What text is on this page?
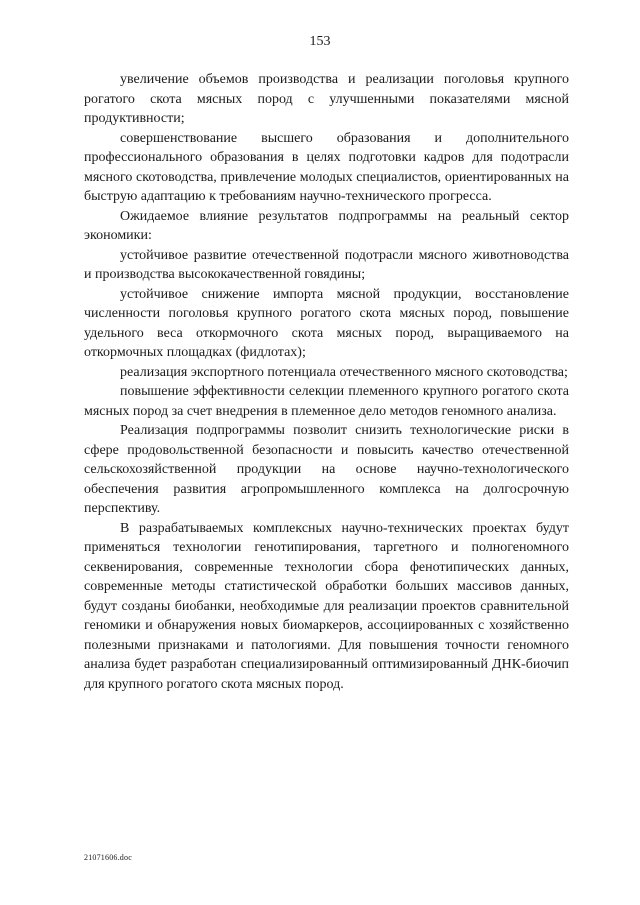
153

увеличение объемов производства и реализации поголовья крупного рогатого скота мясных пород с улучшенными показателями мясной продуктивности;

совершенствование высшего образования и дополнительного профессионального образования в целях подготовки кадров для подотрасли мясного скотоводства, привлечение молодых специалистов, ориентированных на быструю адаптацию к требованиям научно-технического прогресса.

Ожидаемое влияние результатов подпрограммы на реальный сектор экономики:

устойчивое развитие отечественной подотрасли мясного животноводства и производства высококачественной говядины;

устойчивое снижение импорта мясной продукции, восстановление численности поголовья крупного рогатого скота мясных пород, повышение удельного веса откормочного скота мясных пород, выращиваемого на откормочных площадках (фидлотах);

реализация экспортного потенциала отечественного мясного скотоводства;

повышение эффективности селекции племенного крупного рогатого скота мясных пород за счет внедрения в племенное дело методов геномного анализа.

Реализация подпрограммы позволит снизить технологические риски в сфере продовольственной безопасности и повысить качество отечественной сельскохозяйственной продукции на основе научно-технологического обеспечения развития агропромышленного комплекса на долгосрочную перспективу.

В разрабатываемых комплексных научно-технических проектах будут применяться технологии генотипирования, таргетного и полногеномного секвенирования, современные технологии сбора фенотипических данных, современные методы статистической обработки больших массивов данных, будут созданы биобанки, необходимые для реализации проектов сравнительной геномики и обнаружения новых биомаркеров, ассоциированных с хозяйственно полезными признаками и патологиями. Для повышения точности геномного анализа будет разработан специализированный оптимизированный ДНК-биочип для крупного рогатого скота мясных пород.

21071606.doc
